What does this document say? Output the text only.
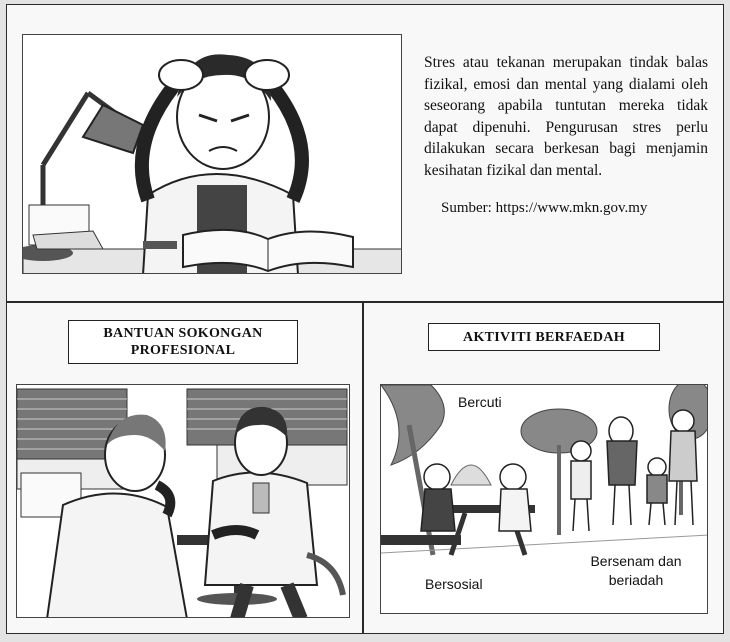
Stres atau tekanan merupakan tindak balas fizikal, emosi dan mental yang dialami oleh seseorang apabila tuntutan mereka tidak dapat dipenuhi. Pengurusan stres perlu dilakukan secara berkesan bagi menjamin kesihatan fizikal dan mental.
Sumber: https://www.mkn.gov.my
BANTUAN SOKONGAN PROFESIONAL
AKTIVITI BERFAEDAH
Bercuti
Bersosial
Bersenam dan beriadah
